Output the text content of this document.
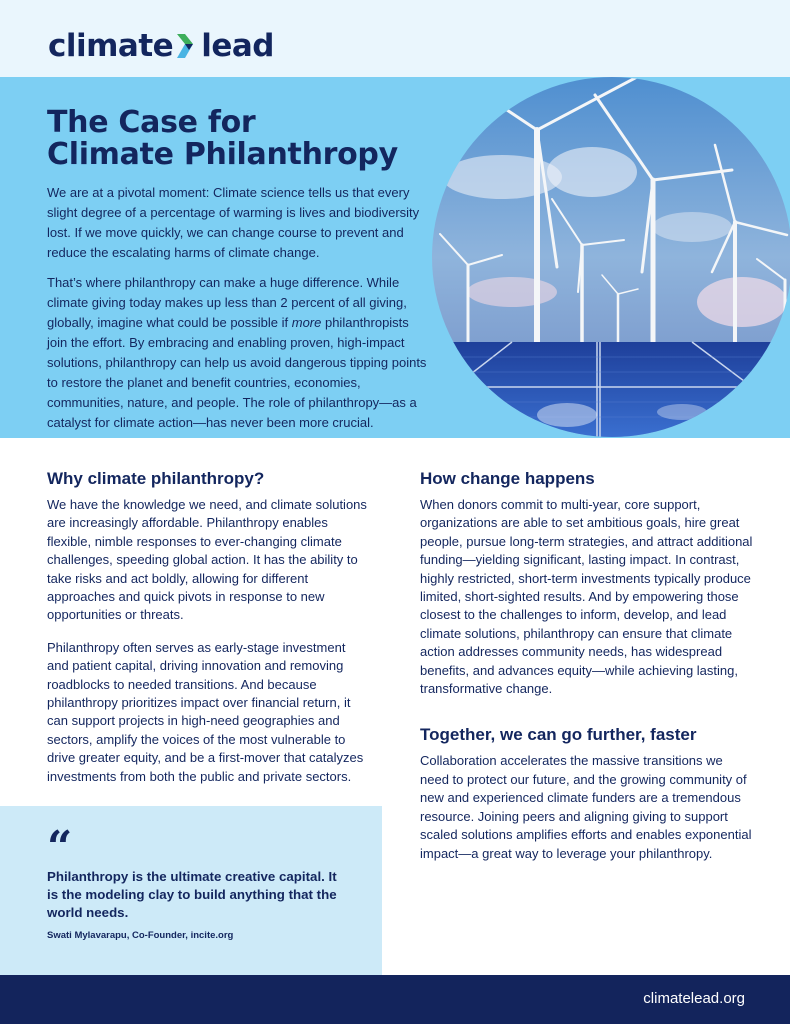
climate lead
The Case for
Climate Philanthropy

We are at a pivotal moment: Climate science tells us that every slight degree of a percentage of warming is lives and biodiversity lost. If we move quickly, we can change course to prevent and reduce the escalating harms of climate change.

That’s where philanthropy can make a huge difference. While climate giving today makes up less than 2 percent of all giving, globally, imagine what could be possible if more philanthropists join the effort. By embracing and enabling proven, high-impact solutions, philanthropy can help us avoid dangerous tipping points to restore the planet and benefit countries, economies, communities, nature, and people. The role of philanthropy—as a catalyst for climate action—has never been more crucial.

Why climate philanthropy?

We have the knowledge we need, and climate solutions are increasingly affordable. Philanthropy enables flexible, nimble responses to ever-changing climate challenges, speeding global action. It has the ability to take risks and act boldly, allowing for different approaches and quick pivots in response to new opportunities or threats.

Philanthropy often serves as early-stage investment and patient capital, driving innovation and removing roadblocks to needed transitions. And because philanthropy prioritizes impact over financial return, it can support projects in high-need geographies and sectors, amplify the voices of the most vulnerable to drive greater equity, and be a first-mover that catalyzes investments from both the public and private sectors.

“
Philanthropy is the ultimate creative capital. It is the modeling clay to build anything that the world needs.
Swati Mylavarapu, Co-Founder, incite.org
How change happens

When donors commit to multi-year, core support, organizations are able to set ambitious goals, hire great people, pursue long-term strategies, and attract additional funding—yielding significant, lasting impact. In contrast, highly restricted, short-term investments typically produce limited, short-sighted results. And by empowering those closest to the challenges to inform, develop, and lead climate solutions, philanthropy can ensure that climate action addresses community needs, has widespread benefits, and advances equity—while achieving lasting, transformative change.

Together, we can go further, faster

Collaboration accelerates the massive transitions we need to protect our future, and the growing community of new and experienced climate funders are a tremendous resource. Joining peers and aligning giving to support scaled solutions amplifies efforts and enables exponential impact—a great way to leverage your philanthropy.

climatelead.org
